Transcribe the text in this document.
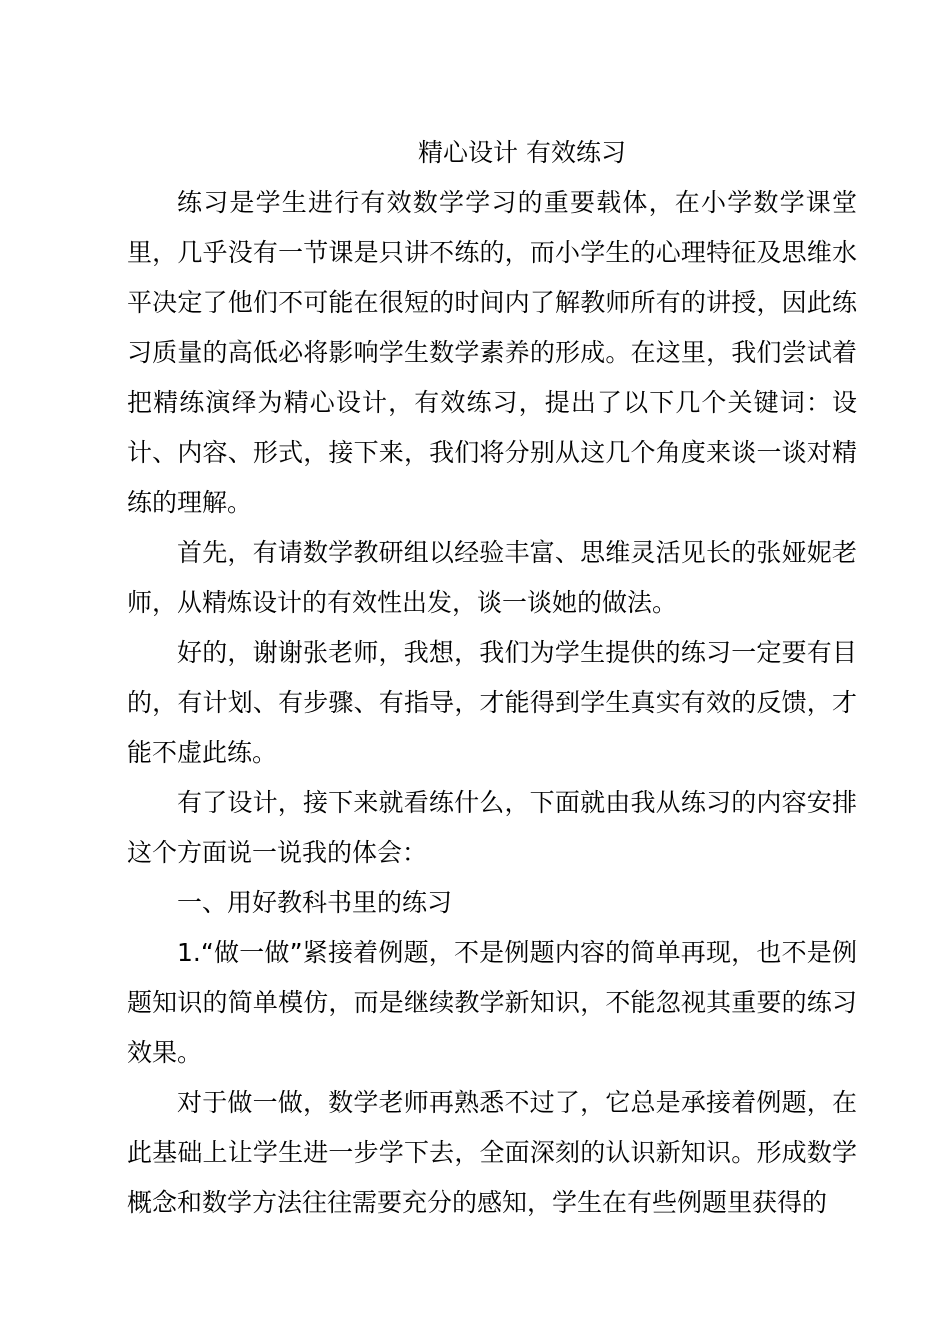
精心设计 有效练习

练习是学生进行有效数学学习的重要载体，在小学数学课堂里，几乎没有一节课是只讲不练的，而小学生的心理特征及思维水平决定了他们不可能在很短的时间内了解教师所有的讲授，因此练习质量的高低必将影响学生数学素养的形成。在这里，我们尝试着把精练演绎为精心设计，有效练习，提出了以下几个关键词：设计、内容、形式，接下来，我们将分别从这几个角度来谈一谈对精练的理解。

首先，有请数学教研组以经验丰富、思维灵活见长的张娅妮老师，从精炼设计的有效性出发，谈一谈她的做法。

好的，谢谢张老师，我想，我们为学生提供的练习一定要有目的，有计划、有步骤、有指导，才能得到学生真实有效的反馈，才能不虚此练。

有了设计，接下来就看练什么，下面就由我从练习的内容安排这个方面说一说我的体会：

一、用好教科书里的练习

1.“做一做”紧接着例题，不是例题内容的简单再现，也不是例题知识的简单模仿，而是继续教学新知识，不能忽视其重要的练习效果。

对于做一做，数学老师再熟悉不过了，它总是承接着例题，在此基础上让学生进一步学下去，全面深刻的认识新知识。形成数学概念和数学方法往往需要充分的感知，学生在有些例题里获得的
